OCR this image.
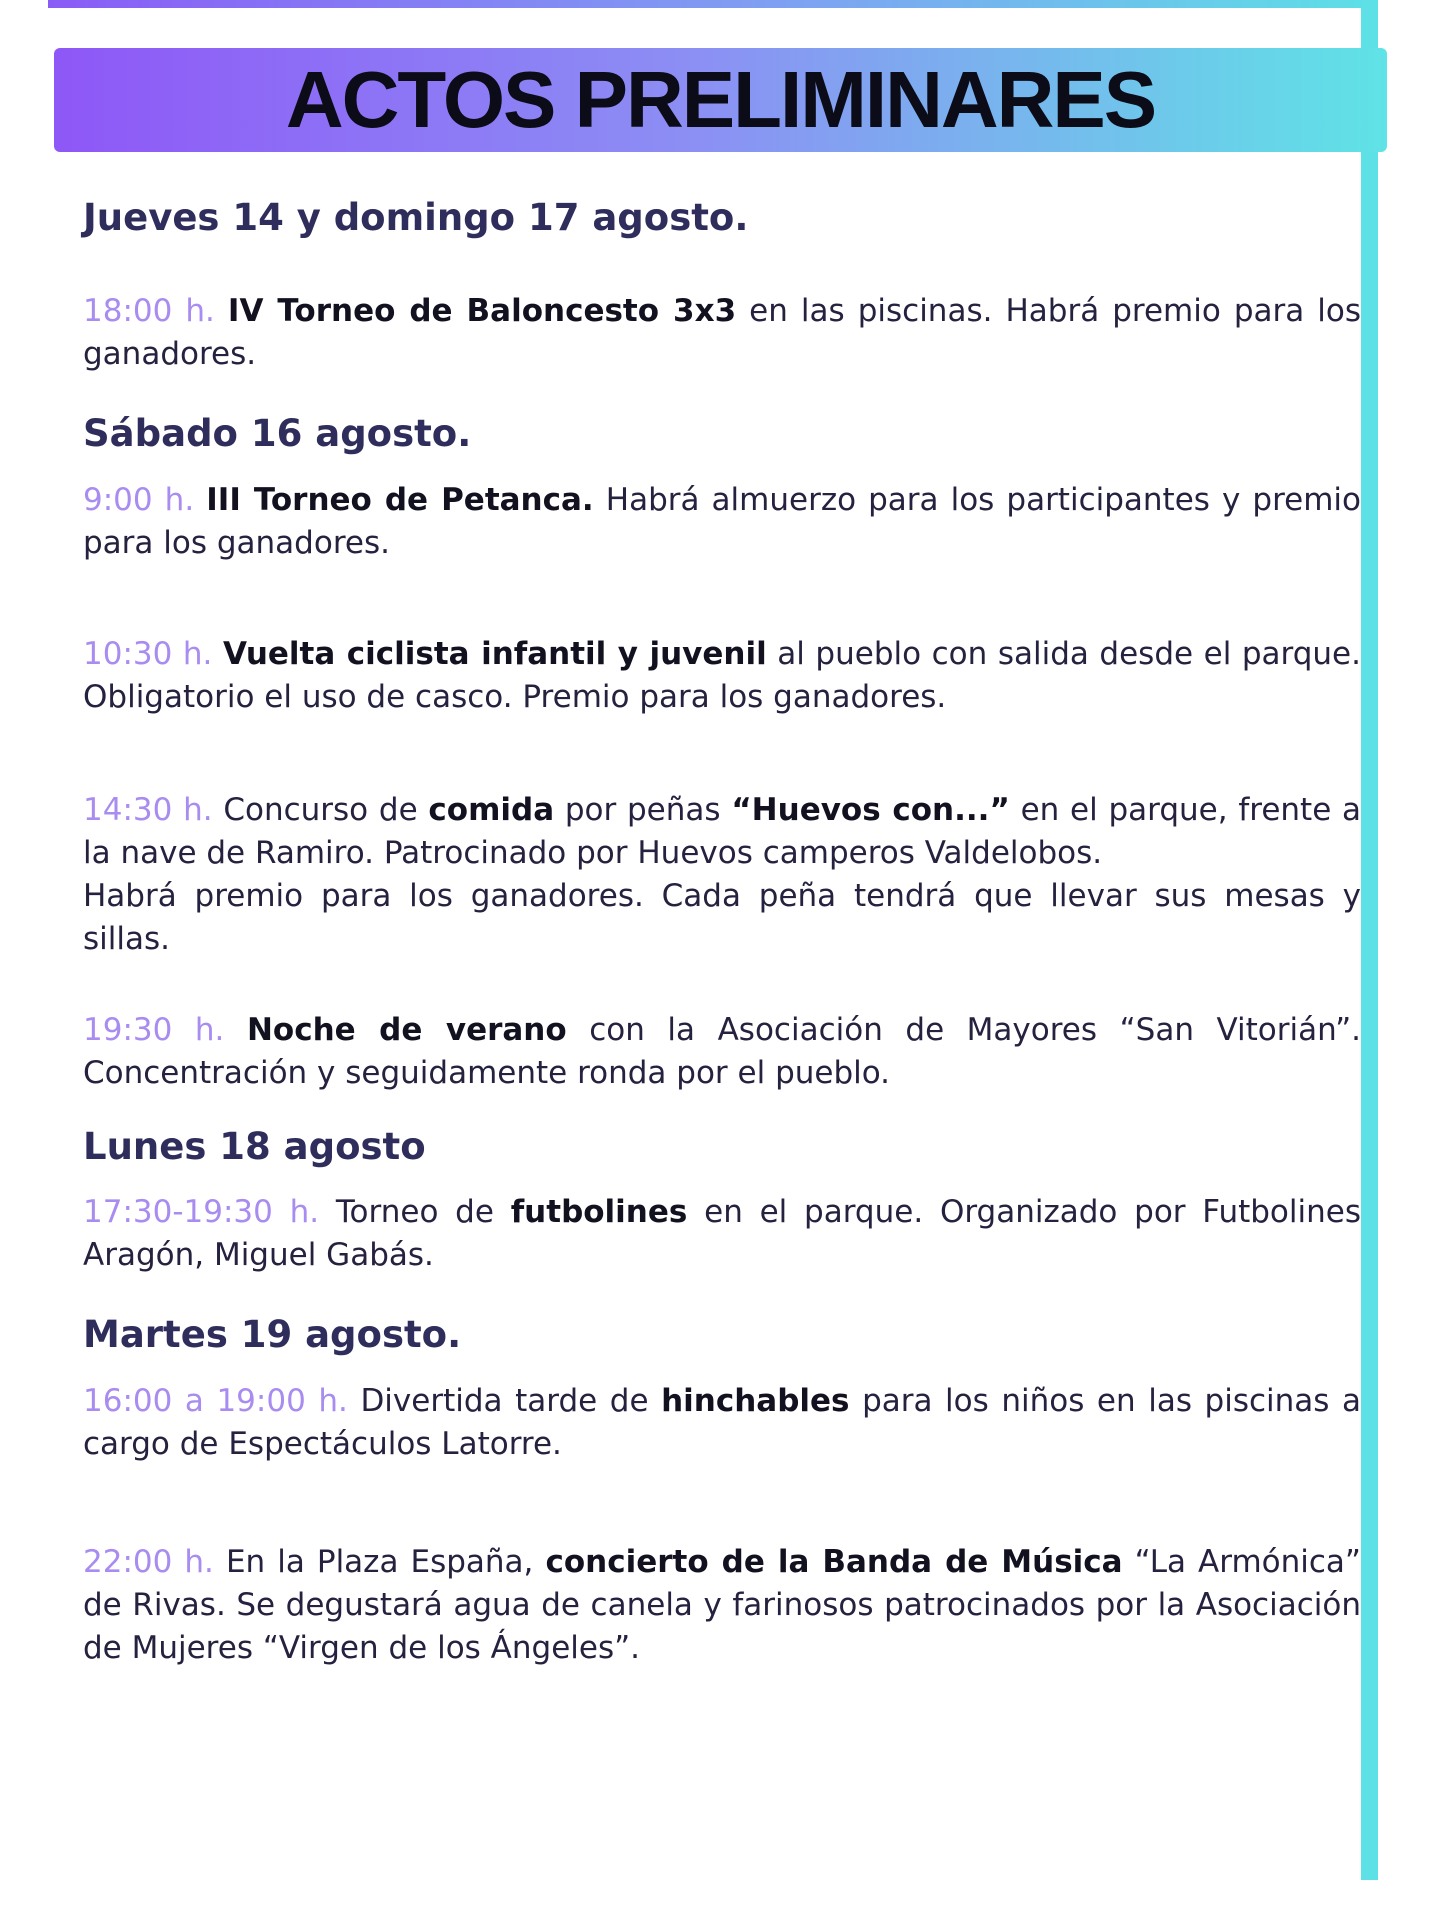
ACTOS PRELIMINARES
Jueves 14 y domingo 17 agosto.

18:00 h. IV Torneo de Baloncesto 3x3 en las piscinas. Habrá premio para los ganadores.

Sábado 16 agosto.

9:00 h. III Torneo de Petanca. Habrá almuerzo para los participantes y premio para los ganadores.

10:30 h. Vuelta ciclista infantil y juvenil al pueblo con salida desde el parque. Obligatorio el uso de casco. Premio para los ganadores.

14:30 h. Concurso de comida por peñas “Huevos con...” en el parque, frente a la nave de Ramiro. Patrocinado por Huevos camperos Valdelobos.
Habrá premio para los ganadores. Cada peña tendrá que llevar sus mesas y sillas.

19:30 h. Noche de verano con la Asociación de Mayores “San Vitorián”. Concentración y seguidamente ronda por el pueblo.

Lunes 18 agosto

17:30-19:30 h. Torneo de futbolines en el parque. Organizado por Futbolines Aragón, Miguel Gabás.

Martes 19 agosto.

16:00 a 19:00 h. Divertida tarde de hinchables para los niños en las piscinas a cargo de Espectáculos Latorre.

22:00 h. En la Plaza España, concierto de la Banda de Música “La Armónica” de Rivas. Se degustará agua de canela y farinosos patrocinados por la Asociación de Mujeres “Virgen de los Ángeles”.
